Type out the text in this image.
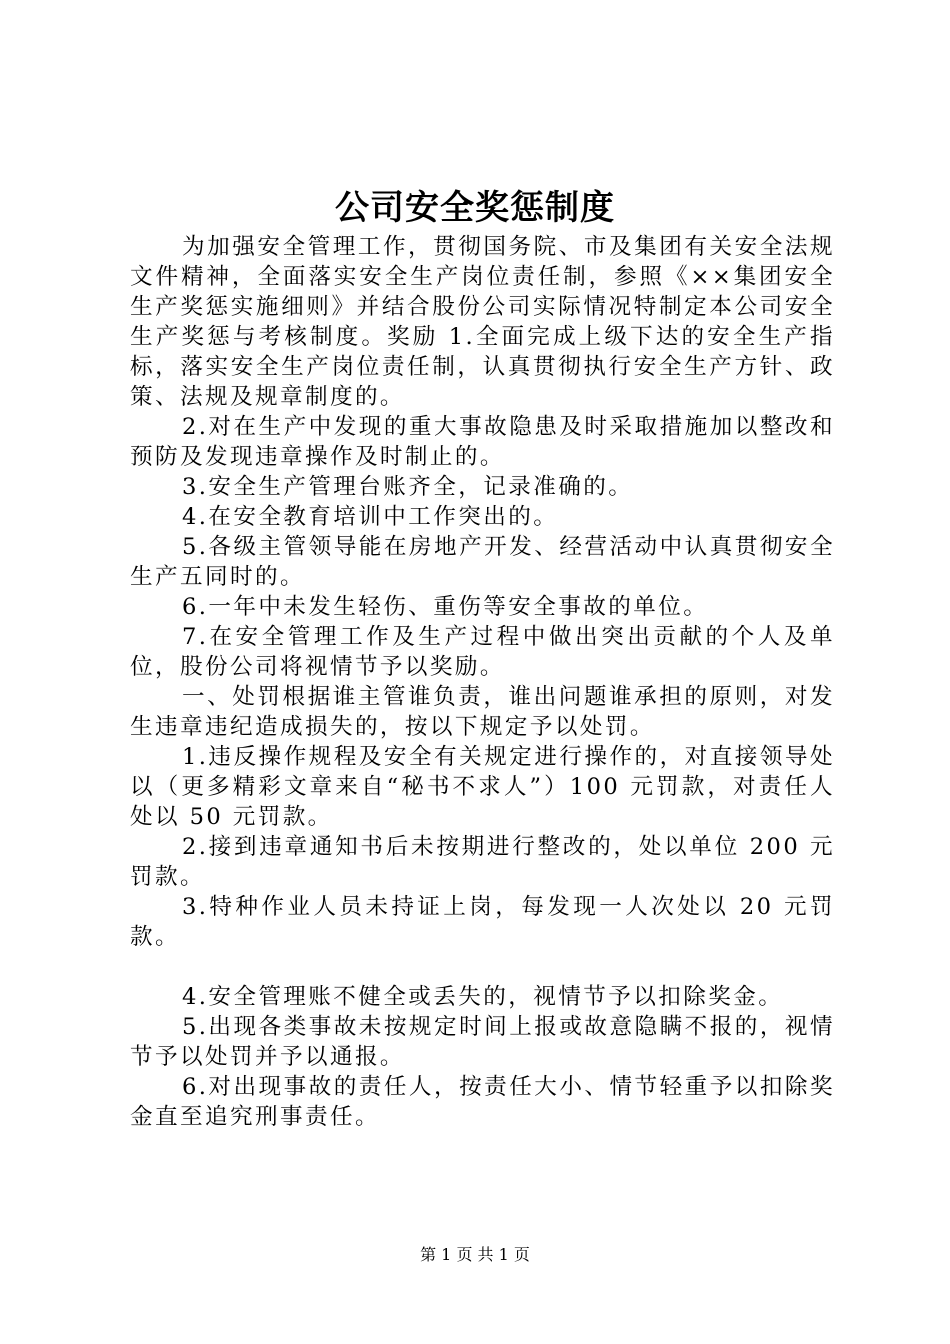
公司安全奖惩制度

为加强安全管理工作，贯彻国务院、市及集团有关安全法规文件精神，全面落实安全生产岗位责任制，参照《××集团安全生产奖惩实施细则》并结合股份公司实际情况特制定本公司安全生产奖惩与考核制度。奖励 1.全面完成上级下达的安全生产指标，落实安全生产岗位责任制，认真贯彻执行安全生产方针、政策、法规及规章制度的。

2.对在生产中发现的重大事故隐患及时采取措施加以整改和预防及发现违章操作及时制止的。

3.安全生产管理台账齐全，记录准确的。

4.在安全教育培训中工作突出的。

5.各级主管领导能在房地产开发、经营活动中认真贯彻安全生产五同时的。

6.一年中未发生轻伤、重伤等安全事故的单位。

7.在安全管理工作及生产过程中做出突出贡献的个人及单位，股份公司将视情节予以奖励。

一、处罚根据谁主管谁负责，谁出问题谁承担的原则，对发生违章违纪造成损失的，按以下规定予以处罚。

1.违反操作规程及安全有关规定进行操作的，对直接领导处以（更多精彩文章来自“秘书不求人”）100 元罚款，对责任人处以 50 元罚款。

2.接到违章通知书后未按期进行整改的，处以单位 200 元罚款。

3.特种作业人员未持证上岗，每发现一人次处以 20 元罚款。

4.安全管理账不健全或丢失的，视情节予以扣除奖金。

5.出现各类事故未按规定时间上报或故意隐瞒不报的，视情节予以处罚并予以通报。

6.对出现事故的责任人，按责任大小、情节轻重予以扣除奖金直至追究刑事责任。

第 1 页 共 1 页
